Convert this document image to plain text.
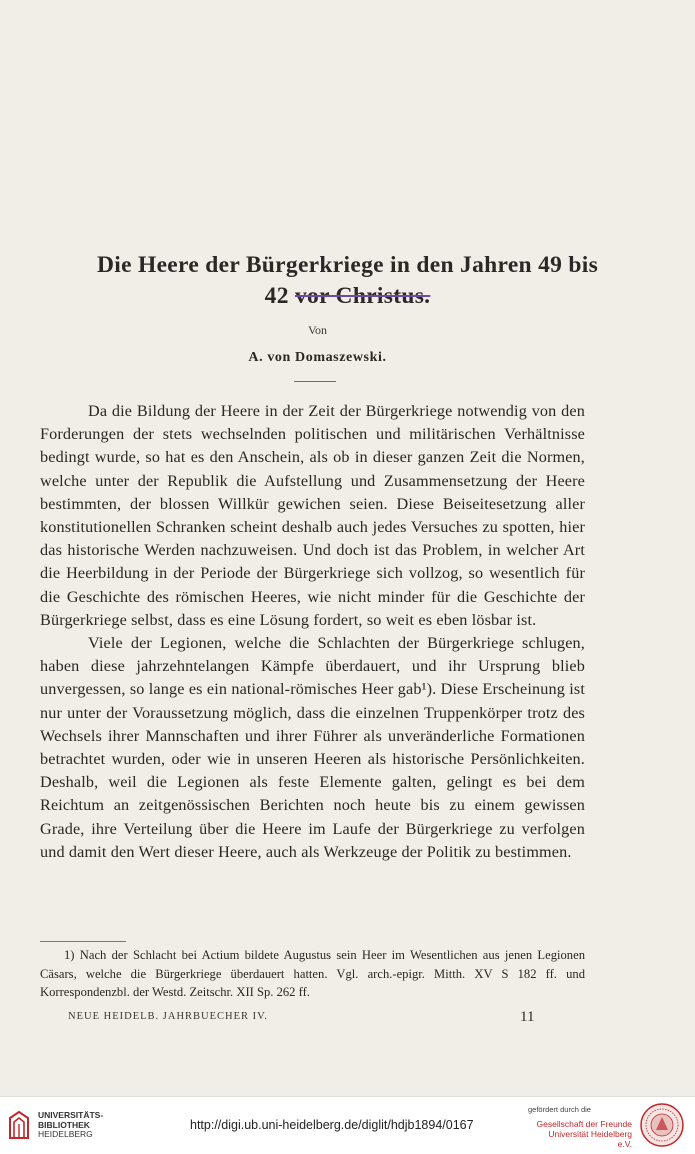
Die Heere der Bürgerkriege in den Jahren 49 bis
42 vor Christus.
Von
A. von Domaszewski.

Da die Bildung der Heere in der Zeit der Bürgerkriege notwendig von den Forderungen der stets wechselnden politischen und militärischen Verhältnisse bedingt wurde, so hat es den Anschein, als ob in dieser ganzen Zeit die Normen, welche unter der Republik die Aufstellung und Zusammensetzung der Heere bestimmten, der blossen Willkür gewichen seien. Diese Beiseitesetzung aller konstitutionellen Schranken scheint deshalb auch jedes Versuches zu spotten, hier das historische Werden nachzuweisen. Und doch ist das Problem, in welcher Art die Heerbildung in der Periode der Bürgerkriege sich vollzog, so wesentlich für die Geschichte des römischen Heeres, wie nicht minder für die Geschichte der Bürgerkriege selbst, dass es eine Lösung fordert, so weit es eben lösbar ist.

Viele der Legionen, welche die Schlachten der Bürgerkriege schlugen, haben diese jahrzehntelangen Kämpfe überdauert, und ihr Ursprung blieb unvergessen, so lange es ein national-römisches Heer gab¹). Diese Erscheinung ist nur unter der Voraussetzung möglich, dass die einzelnen Truppenkörper trotz des Wechsels ihrer Mannschaften und ihrer Führer als unveränderliche Formationen betrachtet wurden, oder wie in unseren Heeren als historische Persönlichkeiten. Deshalb, weil die Legionen als feste Elemente galten, gelingt es bei dem Reichtum an zeitgenössischen Berichten noch heute bis zu einem gewissen Grade, ihre Verteilung über die Heere im Laufe der Bürgerkriege zu verfolgen und damit den Wert dieser Heere, auch als Werkzeuge der Politik zu bestimmen.

1) Nach der Schlacht bei Actium bildete Augustus sein Heer im Wesentlichen aus jenen Legionen Cäsars, welche die Bürgerkriege überdauert hatten. Vgl. arch.-epigr. Mitth. XV S 182 ff. und Korrespondenzbl. der Westd. Zeitschr. XII Sp. 262 ff.

NEUE HEIDELB. JAHRBUECHER IV.	11
UNIVERSITÄTS-
BIBLIOTHEK
HEIDELBERG
http://digi.ub.uni-heidelberg.de/diglit/hdjb1894/0167
gefördert durch die
Gesellschaft der Freunde
Universität Heidelberg e.V.
